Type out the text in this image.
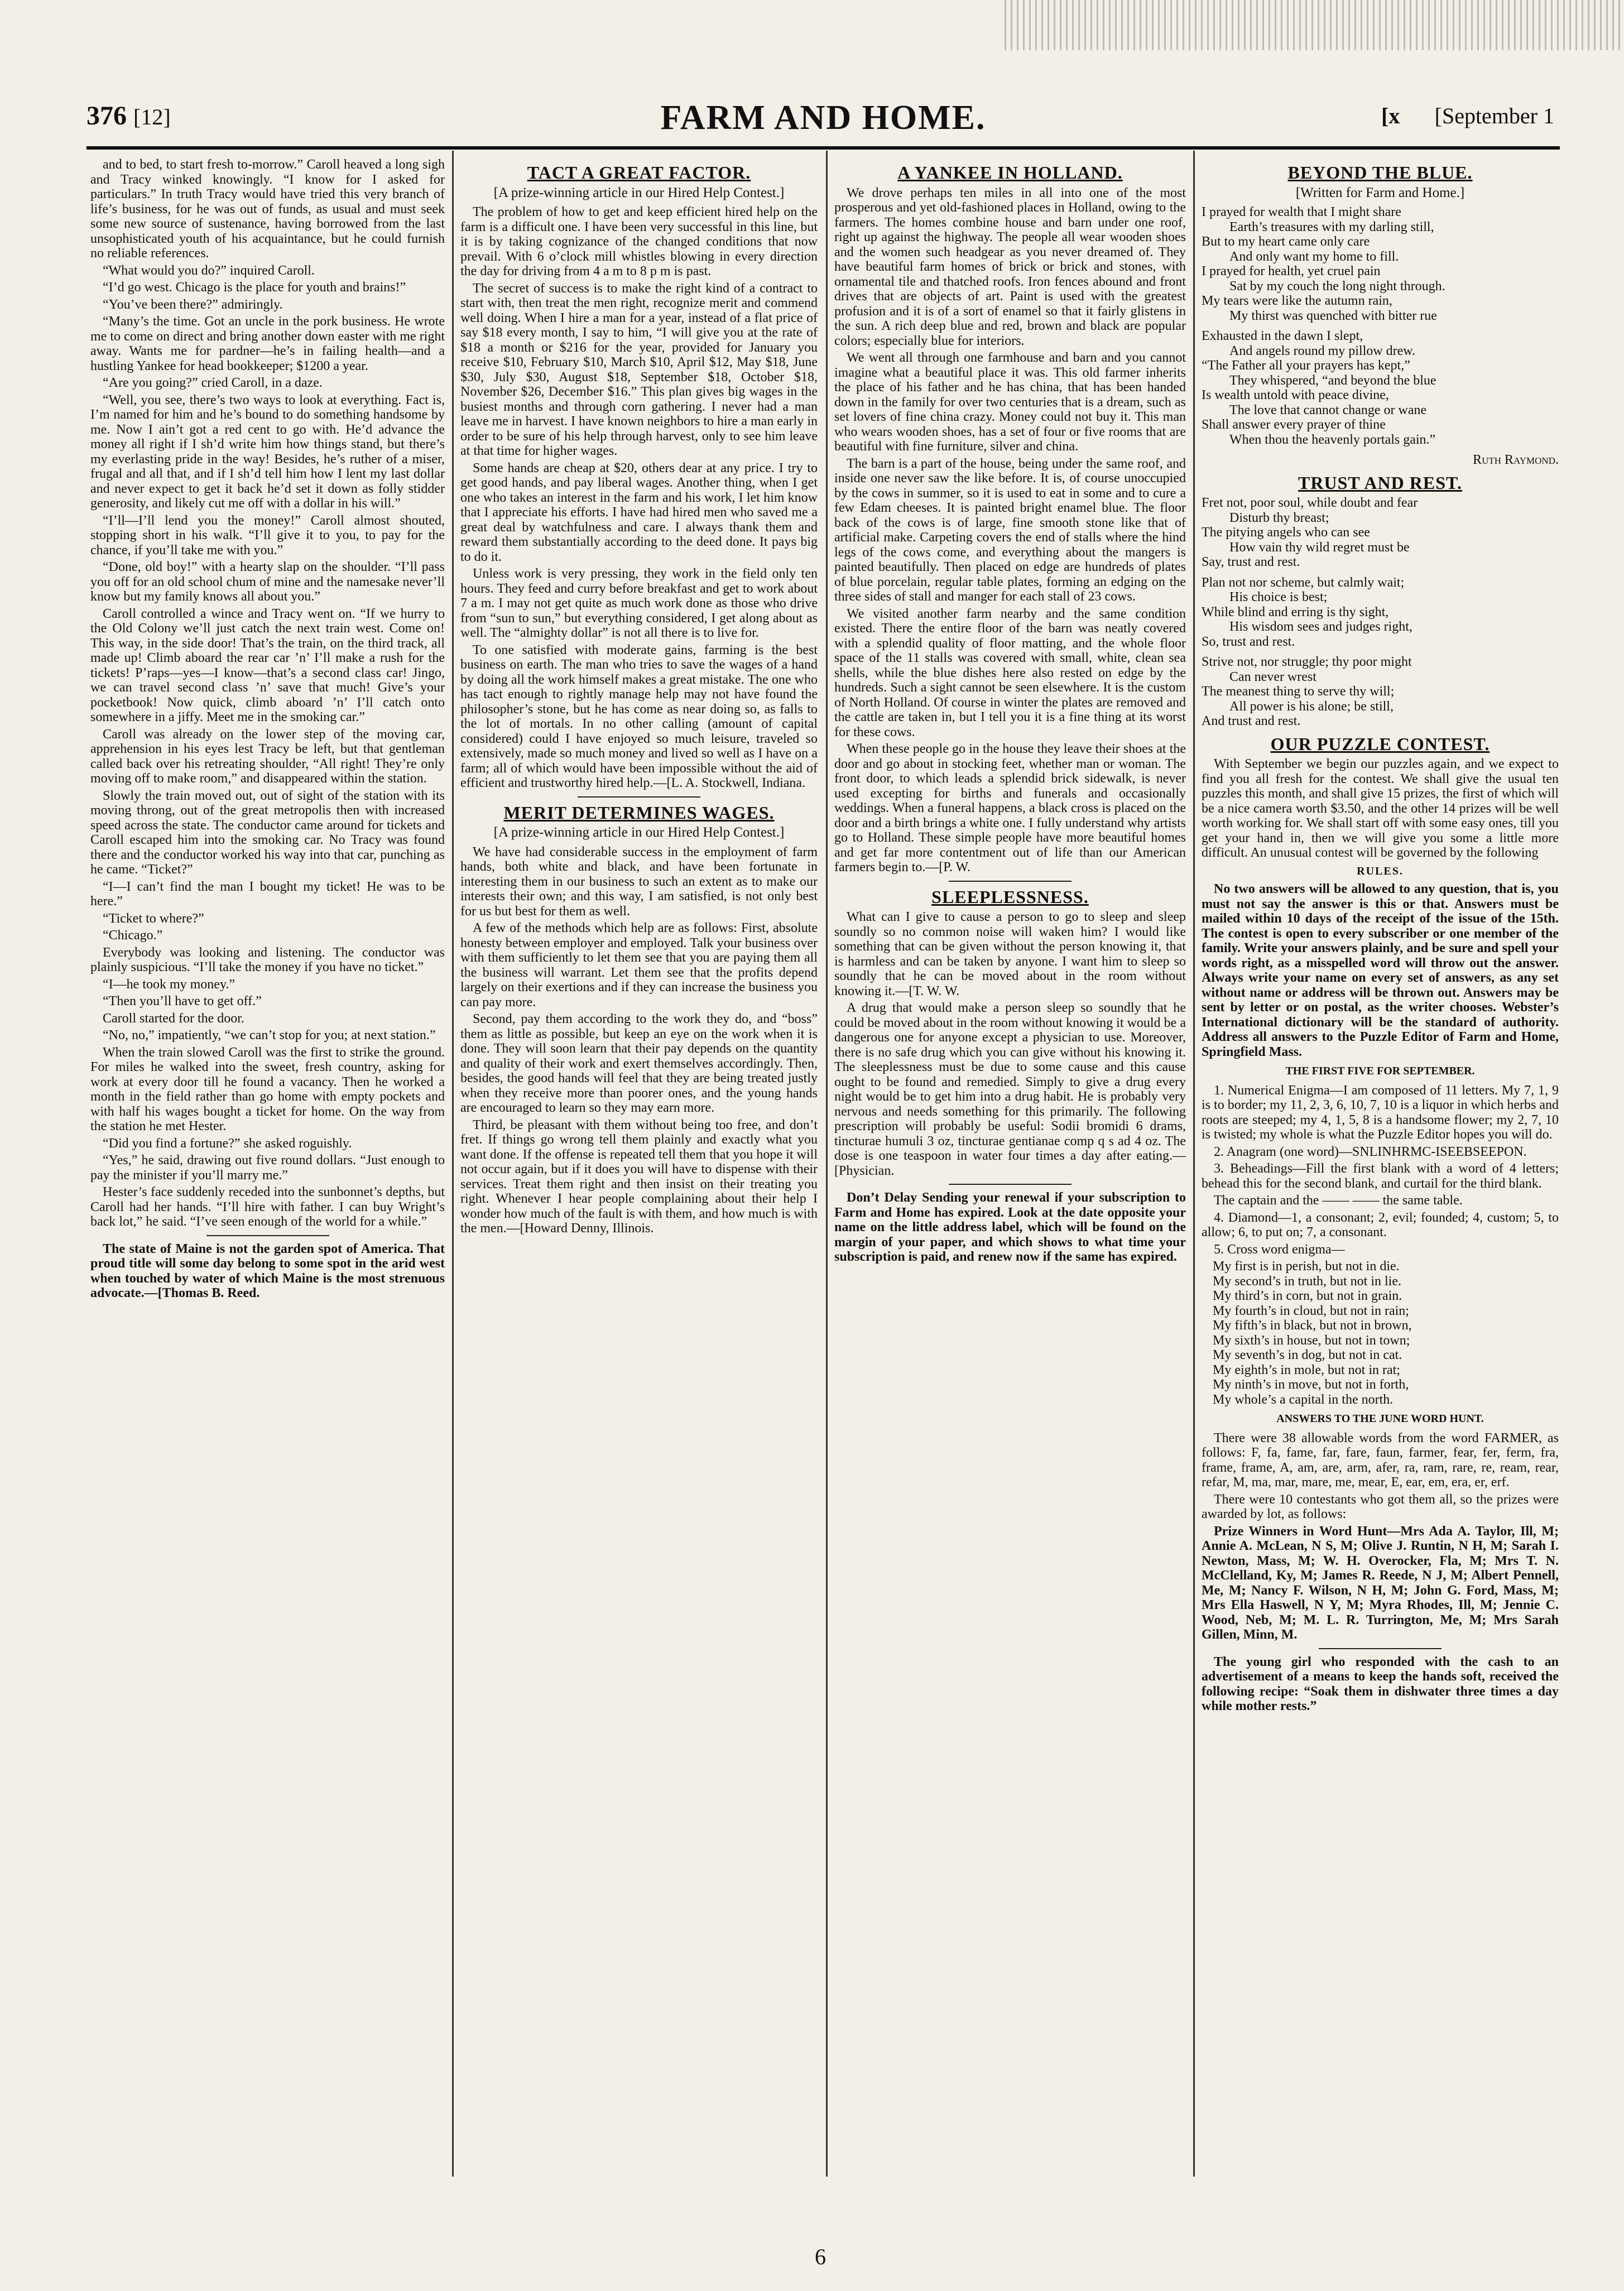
376 [12]	FARM AND HOME.	[x [September 1

and to bed, to start fresh to-morrow.” Caroll heaved a long sigh and Tracy winked knowingly. “I know for I asked for particulars.” In truth Tracy would have tried this very branch of life’s business, for he was out of funds, as usual and must seek some new source of sustenance, having borrowed from the last unsophisticated youth of his acquaintance, but he could furnish no reliable references.

“What would you do?” inquired Caroll.

“I’d go west. Chicago is the place for youth and brains!”

“You’ve been there?” admiringly.

“Many’s the time. Got an uncle in the pork business. He wrote me to come on direct and bring another down easter with me right away. Wants me for pardner—he’s in failing health—and a hustling Yankee for head bookkeeper; $1200 a year.

“Are you going?” cried Caroll, in a daze.

“Well, you see, there’s two ways to look at everything. Fact is, I’m named for him and he’s bound to do something handsome by me. Now I ain’t got a red cent to go with. He’d advance the money all right if I sh’d write him how things stand, but there’s my everlasting pride in the way! Besides, he’s ruther of a miser, frugal and all that, and if I sh’d tell him how I lent my last dollar and never expect to get it back he’d set it down as folly stidder generosity, and likely cut me off with a dollar in his will.”

“I’ll—I’ll lend you the money!” Caroll almost shouted, stopping short in his walk. “I’ll give it to you, to pay for the chance, if you’ll take me with you.”

“Done, old boy!” with a hearty slap on the shoulder. “I’ll pass you off for an old school chum of mine and the namesake never’ll know but my family knows all about you.”

Caroll controlled a wince and Tracy went on. “If we hurry to the Old Colony we’ll just catch the next train west. Come on! This way, in the side door! That’s the train, on the third track, all made up! Climb aboard the rear car ’n’ I’ll make a rush for the tickets! P’raps—yes—I know—that’s a second class car! Jingo, we can travel second class ’n’ save that much! Give’s your pocketbook! Now quick, climb aboard ’n’ I’ll catch onto somewhere in a jiffy. Meet me in the smoking car.”

Caroll was already on the lower step of the moving car, apprehension in his eyes lest Tracy be left, but that gentleman called back over his retreating shoulder, “All right! They’re only moving off to make room,” and disappeared within the station.

Slowly the train moved out, out of sight of the station with its moving throng, out of the great metropolis then with increased speed across the state. The conductor came around for tickets and Caroll escaped him into the smoking car. No Tracy was found there and the conductor worked his way into that car, punching as he came. “Ticket?”

“I—I can’t find the man I bought my ticket! He was to be here.”

“Ticket to where?”

“Chicago.”

Everybody was looking and listening. The conductor was plainly suspicious. “I’ll take the money if you have no ticket.”

“I—he took my money.”

“Then you’ll have to get off.”

Caroll started for the door.

“No, no,” impatiently, “we can’t stop for you; at next station.”

When the train slowed Caroll was the first to strike the ground. For miles he walked into the sweet, fresh country, asking for work at every door till he found a vacancy. Then he worked a month in the field rather than go home with empty pockets and with half his wages bought a ticket for home. On the way from the station he met Hester.

“Did you find a fortune?” she asked roguishly.

“Yes,” he said, drawing out five round dollars. “Just enough to pay the minister if you’ll marry me.”

Hester’s face suddenly receded into the sunbonnet’s depths, but Caroll had her hands. “I’ll hire with father. I can buy Wright’s back lot,” he said. “I’ve seen enough of the world for a while.”

The state of Maine is not the garden spot of America. That proud title will some day belong to some spot in the arid west when touched by water of which Maine is the most strenuous advocate.—[Thomas B. Reed.

TACT A GREAT FACTOR.
[A prize-winning article in our Hired Help Contest.]

The problem of how to get and keep efficient hired help on the farm is a difficult one. I have been very successful in this line, but it is by taking cognizance of the changed conditions that now prevail. With 6 o’clock mill whistles blowing in every direction the day for driving from 4 a m to 8 p m is past.

The secret of success is to make the right kind of a contract to start with, then treat the men right, recognize merit and commend well doing. When I hire a man for a year, instead of a flat price of say $18 every month, I say to him, “I will give you at the rate of $18 a month or $216 for the year, provided for January you receive $10, February $10, March $10, April $12, May $18, June $30, July $30, August $18, September $18, October $18, November $26, December $16.” This plan gives big wages in the busiest months and through corn gathering. I never had a man leave me in harvest. I have known neighbors to hire a man early in order to be sure of his help through harvest, only to see him leave at that time for higher wages.

Some hands are cheap at $20, others dear at any price. I try to get good hands, and pay liberal wages. Another thing, when I get one who takes an interest in the farm and his work, I let him know that I appreciate his efforts. I have had hired men who saved me a great deal by watchfulness and care. I always thank them and reward them substantially according to the deed done. It pays big to do it.

Unless work is very pressing, they work in the field only ten hours. They feed and curry before breakfast and get to work about 7 a m. I may not get quite as much work done as those who drive from “sun to sun,” but everything considered, I get along about as well. The “almighty dollar” is not all there is to live for.

To one satisfied with moderate gains, farming is the best business on earth. The man who tries to save the wages of a hand by doing all the work himself makes a great mistake. The one who has tact enough to rightly manage help may not have found the philosopher’s stone, but he has come as near doing so, as falls to the lot of mortals. In no other calling (amount of capital considered) could I have enjoyed so much leisure, traveled so extensively, made so much money and lived so well as I have on a farm; all of which would have been impossible without the aid of efficient and trustworthy hired help.—[L. A. Stockwell, Indiana.

MERIT DETERMINES WAGES.
[A prize-winning article in our Hired Help Contest.]

We have had considerable success in the employment of farm hands, both white and black, and have been fortunate in interesting them in our business to such an extent as to make our interests their own; and this way, I am satisfied, is not only best for us but best for them as well.

A few of the methods which help are as follows: First, absolute honesty between employer and employed. Talk your business over with them sufficiently to let them see that you are paying them all the business will warrant. Let them see that the profits depend largely on their exertions and if they can increase the business you can pay more.

Second, pay them according to the work they do, and “boss” them as little as possible, but keep an eye on the work when it is done. They will soon learn that their pay depends on the quantity and quality of their work and exert themselves accordingly. Then, besides, the good hands will feel that they are being treated justly when they receive more than poorer ones, and the young hands are encouraged to learn so they may earn more.

Third, be pleasant with them without being too free, and don’t fret. If things go wrong tell them plainly and exactly what you want done. If the offense is repeated tell them that you hope it will not occur again, but if it does you will have to dispense with their services. Treat them right and then insist on their treating you right. Whenever I hear people complaining about their help I wonder how much of the fault is with them, and how much is with the men.—[Howard Denny, Illinois.

A YANKEE IN HOLLAND.

We drove perhaps ten miles in all into one of the most prosperous and yet old-fashioned places in Holland, owing to the farmers. The homes combine house and barn under one roof, right up against the highway. The people all wear wooden shoes and the women such headgear as you never dreamed of. They have beautiful farm homes of brick or brick and stones, with ornamental tile and thatched roofs. Iron fences abound and front drives that are objects of art. Paint is used with the greatest profusion and it is of a sort of enamel so that it fairly glistens in the sun. A rich deep blue and red, brown and black are popular colors; especially blue for interiors.

We went all through one farmhouse and barn and you cannot imagine what a beautiful place it was. This old farmer inherits the place of his father and he has china, that has been handed down in the family for over two centuries that is a dream, such as set lovers of fine china crazy. Money could not buy it. This man who wears wooden shoes, has a set of four or five rooms that are beautiful with fine furniture, silver and china.

The barn is a part of the house, being under the same roof, and inside one never saw the like before. It is, of course unoccupied by the cows in summer, so it is used to eat in some and to cure a few Edam cheeses. It is painted bright enamel blue. The floor back of the cows is of large, fine smooth stone like that of artificial make. Carpeting covers the end of stalls where the hind legs of the cows come, and everything about the mangers is painted beautifully. Then placed on edge are hundreds of plates of blue porcelain, regular table plates, forming an edging on the three sides of stall and manger for each stall of 23 cows.

We visited another farm nearby and the same condition existed. There the entire floor of the barn was neatly covered with a splendid quality of floor matting, and the whole floor space of the 11 stalls was covered with small, white, clean sea shells, while the blue dishes here also rested on edge by the hundreds. Such a sight cannot be seen elsewhere. It is the custom of North Holland. Of course in winter the plates are removed and the cattle are taken in, but I tell you it is a fine thing at its worst for these cows.

When these people go in the house they leave their shoes at the door and go about in stocking feet, whether man or woman. The front door, to which leads a splendid brick sidewalk, is never used excepting for births and funerals and occasionally weddings. When a funeral happens, a black cross is placed on the door and a birth brings a white one. I fully understand why artists go to Holland. These simple people have more beautiful homes and get far more contentment out of life than our American farmers begin to.—[P. W.

SLEEPLESSNESS.

What can I give to cause a person to go to sleep and sleep soundly so no common noise will waken him? I would like something that can be given without the person knowing it, that is harmless and can be taken by anyone. I want him to sleep so soundly that he can be moved about in the room without knowing it.—[T. W. W.

A drug that would make a person sleep so soundly that he could be moved about in the room without knowing it would be a dangerous one for anyone except a physician to use. Moreover, there is no safe drug which you can give without his knowing it. The sleeplessness must be due to some cause and this cause ought to be found and remedied. Simply to give a drug every night would be to get him into a drug habit. He is probably very nervous and needs something for this primarily. The following prescription will probably be useful: Sodii bromidi 6 drams, tincturae humuli 3 oz, tincturae gentianae comp q s ad 4 oz. The dose is one teaspoon in water four times a day after eating.—[Physician.

Don’t Delay Sending your renewal if your subscription to Farm and Home has expired. Look at the date opposite your name on the little address label, which will be found on the margin of your paper, and which shows to what time your subscription is paid, and renew now if the same has expired.

BEYOND THE BLUE.
[Written for Farm and Home.]
I prayed for wealth that I might share
Earth’s treasures with my darling still,
But to my heart came only care
And only want my home to fill.
I prayed for health, yet cruel pain
Sat by my couch the long night through.
My tears were like the autumn rain,
My thirst was quenched with bitter rue
Exhausted in the dawn I slept,
And angels round my pillow drew.
“The Father all your prayers has kept,”
They whispered, “and beyond the blue
Is wealth untold with peace divine,
The love that cannot change or wane
Shall answer every prayer of thine
When thou the heavenly portals gain.”
Ruth Raymond.
TRUST AND REST.
Fret not, poor soul, while doubt and fear
Disturb thy breast;
The pitying angels who can see
How vain thy wild regret must be
Say, trust and rest.
Plan not nor scheme, but calmly wait;
His choice is best;
While blind and erring is thy sight,
His wisdom sees and judges right,
So, trust and rest.
Strive not, nor struggle; thy poor might
Can never wrest
The meanest thing to serve thy will;
All power is his alone; be still,
And trust and rest.
OUR PUZZLE CONTEST.

With September we begin our puzzles again, and we expect to find you all fresh for the contest. We shall give the usual ten puzzles this month, and shall give 15 prizes, the first of which will be a nice camera worth $3.50, and the other 14 prizes will be well worth working for. We shall start off with some easy ones, till you get your hand in, then we will give you some a little more difficult. An unusual contest will be governed by the following

RULES.

No two answers will be allowed to any question, that is, you must not say the answer is this or that. Answers must be mailed within 10 days of the receipt of the issue of the 15th. The contest is open to every subscriber or one member of the family. Write your answers plainly, and be sure and spell your words right, as a misspelled word will throw out the answer. Always write your name on every set of answers, as any set without name or address will be thrown out. Answers may be sent by letter or on postal, as the writer chooses. Webster’s International dictionary will be the standard of authority. Address all answers to the Puzzle Editor of Farm and Home, Springfield Mass.

THE FIRST FIVE FOR SEPTEMBER.

1. Numerical Enigma—I am composed of 11 letters. My 7, 1, 9 is to border; my 11, 2, 3, 6, 10, 7, 10 is a liquor in which herbs and roots are steeped; my 4, 1, 5, 8 is a handsome flower; my 2, 7, 10 is twisted; my whole is what the Puzzle Editor hopes you will do.

2. Anagram (one word)—SNLINHRMC-ISEEBSEEPON.

3. Beheadings—Fill the first blank with a word of 4 letters; behead this for the second blank, and curtail for the third blank.

The captain and the —— —— the same table.

4. Diamond—1, a consonant; 2, evil; founded; 4, custom; 5, to allow; 6, to put on; 7, a consonant.

5. Cross word enigma—

My first is in perish, but not in die.
My second’s in truth, but not in lie.
My third’s in corn, but not in grain.
My fourth’s in cloud, but not in rain;
My fifth’s in black, but not in brown,
My sixth’s in house, but not in town;
My seventh’s in dog, but not in cat.
My eighth’s in mole, but not in rat;
My ninth’s in move, but not in forth,
My whole’s a capital in the north.
ANSWERS TO THE JUNE WORD HUNT.

There were 38 allowable words from the word FARMER, as follows: F, fa, fame, far, fare, faun, farmer, fear, fer, ferm, fra, frame, frame, A, am, are, arm, afer, ra, ram, rare, re, ream, rear, refar, M, ma, mar, mare, me, mear, E, ear, em, era, er, erf.

There were 10 contestants who got them all, so the prizes were awarded by lot, as follows:

Prize Winners in Word Hunt—Mrs Ada A. Taylor, Ill, M; Annie A. McLean, N S, M; Olive J. Runtin, N H, M; Sarah I. Newton, Mass, M; W. H. Overocker, Fla, M; Mrs T. N. McClelland, Ky, M; James R. Reede, N J, M; Albert Pennell, Me, M; Nancy F. Wilson, N H, M; John G. Ford, Mass, M; Mrs Ella Haswell, N Y, M; Myra Rhodes, Ill, M; Jennie C. Wood, Neb, M; M. L. R. Turrington, Me, M; Mrs Sarah Gillen, Minn, M.

The young girl who responded with the cash to an advertisement of a means to keep the hands soft, received the following recipe: “Soak them in dishwater three times a day while mother rests.”

6
